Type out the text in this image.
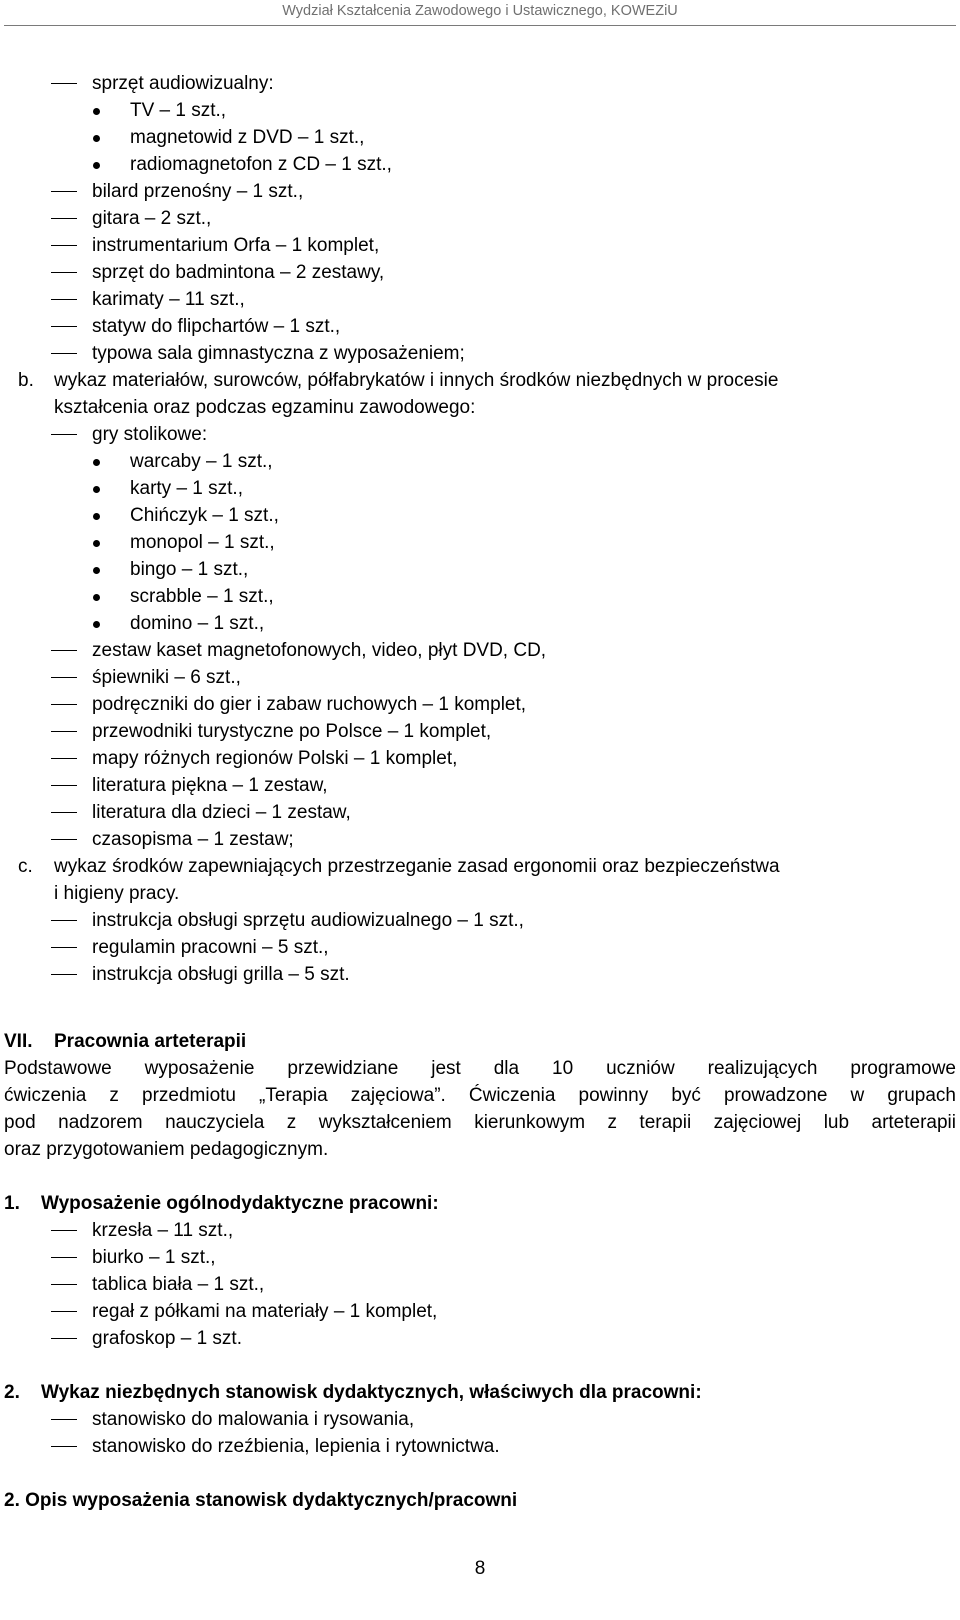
Wydział Kształcenia Zawodowego i Ustawicznego, KOWEZiU
sprzęt audiowizualny:
TV – 1 szt.,
magnetowid z DVD – 1 szt.,
radiomagnetofon z CD – 1 szt.,
bilard przenośny – 1 szt.,
gitara – 2 szt.,
instrumentarium Orfa – 1 komplet,
sprzęt do badmintona – 2 zestawy,
karimaty – 11 szt.,
statyw do flipchartów – 1 szt.,
typowa sala gimnastyczna z wyposażeniem;
b. wykaz materiałów, surowców, półfabrykatów i innych środków niezbędnych w procesie
kształcenia oraz podczas egzaminu zawodowego:
gry stolikowe:
warcaby – 1 szt.,
karty – 1 szt.,
Chińczyk – 1 szt.,
monopol – 1 szt.,
bingo – 1 szt.,
scrabble – 1 szt.,
domino – 1 szt.,
zestaw kaset magnetofonowych, video, płyt DVD, CD,
śpiewniki – 6 szt.,
podręczniki do gier i zabaw ruchowych – 1 komplet,
przewodniki turystyczne po Polsce – 1 komplet,
mapy różnych regionów Polski – 1 komplet,
literatura piękna – 1 zestaw,
literatura dla dzieci – 1 zestaw,
czasopisma – 1 zestaw;
c. wykaz środków zapewniających przestrzeganie zasad ergonomii oraz bezpieczeństwa
i higieny pracy.
instrukcja obsługi sprzętu audiowizualnego – 1 szt.,
regulamin pracowni – 5 szt.,
instrukcja obsługi grilla – 5 szt.
VII. Pracownia arteterapii
Podstawowe wyposażenie przewidziane jest dla 10 uczniów realizujących programowe
ćwiczenia z przedmiotu „Terapia zajęciowa”. Ćwiczenia powinny być prowadzone w grupach
pod nadzorem nauczyciela z wykształceniem kierunkowym z terapii zajęciowej lub arteterapii
oraz przygotowaniem pedagogicznym.
1. Wyposażenie ogólnodydaktyczne pracowni:
krzesła – 11 szt.,
biurko – 1 szt.,
tablica biała – 1 szt.,
regał z półkami na materiały – 1 komplet,
grafoskop – 1 szt.
2. Wykaz niezbędnych stanowisk dydaktycznych, właściwych dla pracowni:
stanowisko do malowania i rysowania,
stanowisko do rzeźbienia, lepienia i rytownictwa.
2. Opis wyposażenia stanowisk dydaktycznych/pracowni
8
